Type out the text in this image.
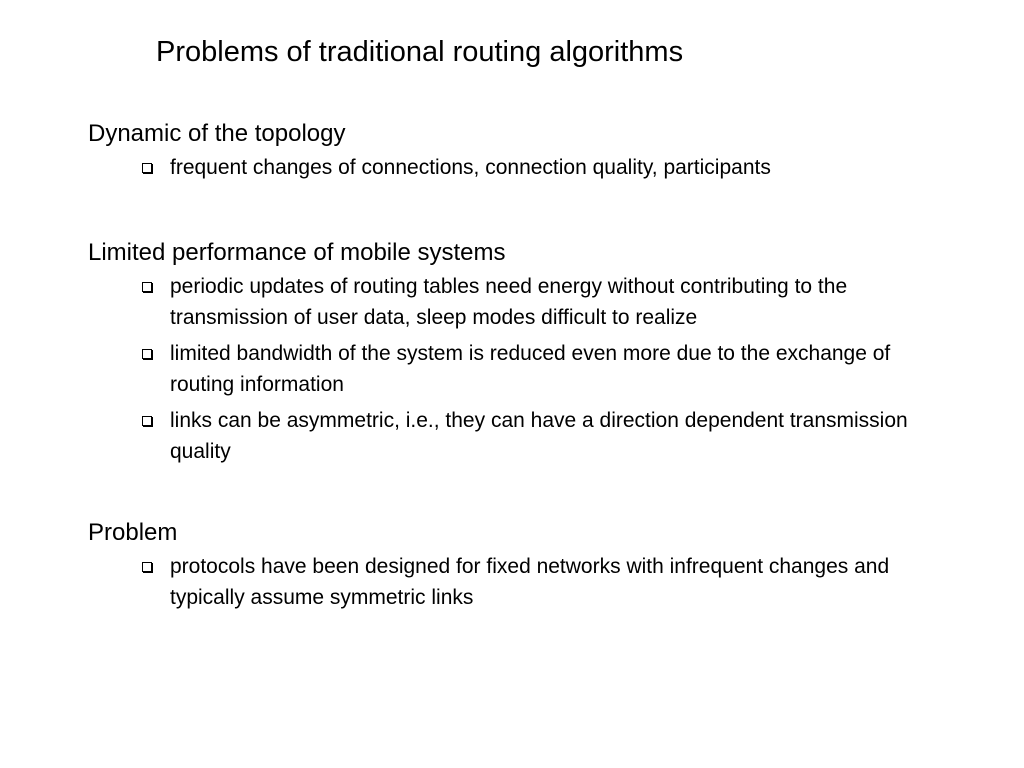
Problems of traditional routing algorithms
Dynamic of the topology
frequent changes of connections, connection quality, participants
Limited performance of mobile systems
periodic updates of routing tables need energy without contributing to the transmission of user data, sleep modes difficult to realize
limited bandwidth of the system is reduced even more due to the exchange of routing information
links can be asymmetric, i.e., they can have a direction dependent transmission quality
Problem
protocols have been designed for fixed networks with infrequent changes and typically assume symmetric links
